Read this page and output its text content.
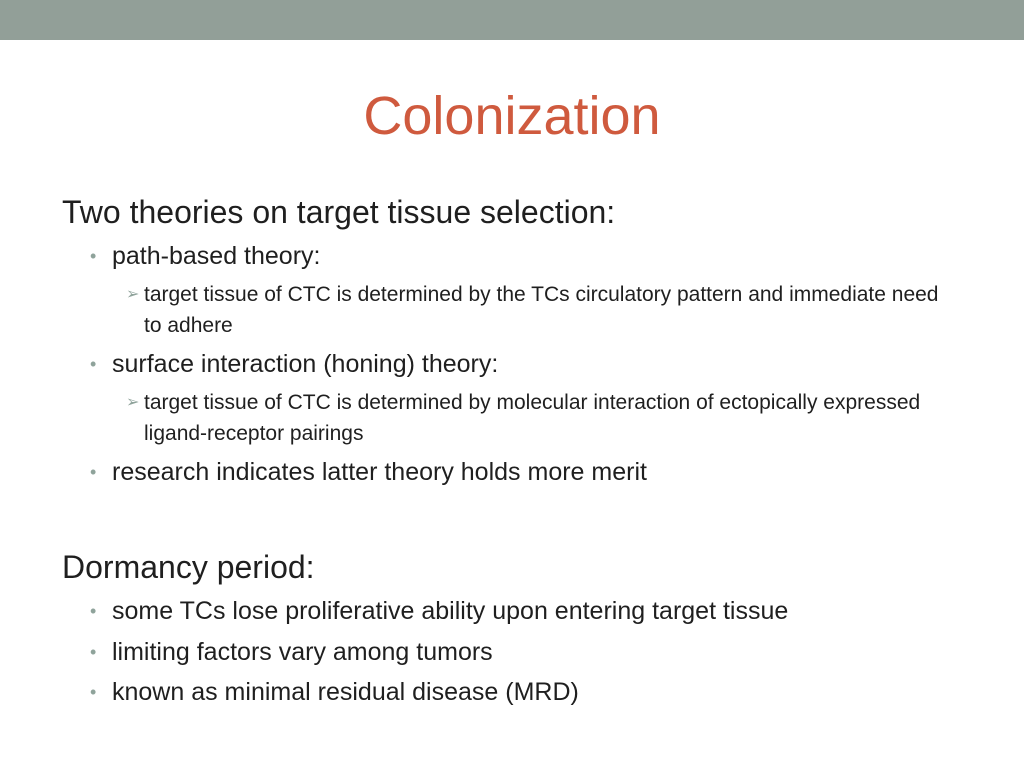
Colonization
Two theories on target tissue selection:
• path-based theory:
➢ target tissue of CTC is determined by the TCs circulatory pattern and immediate need to adhere
• surface interaction (honing) theory:
➢ target tissue of CTC is determined by molecular interaction of ectopically expressed ligand-receptor pairings
• research indicates latter theory holds more merit
Dormancy period:
• some TCs lose proliferative ability upon entering target tissue
• limiting factors vary among tumors
• known as minimal residual disease (MRD)
